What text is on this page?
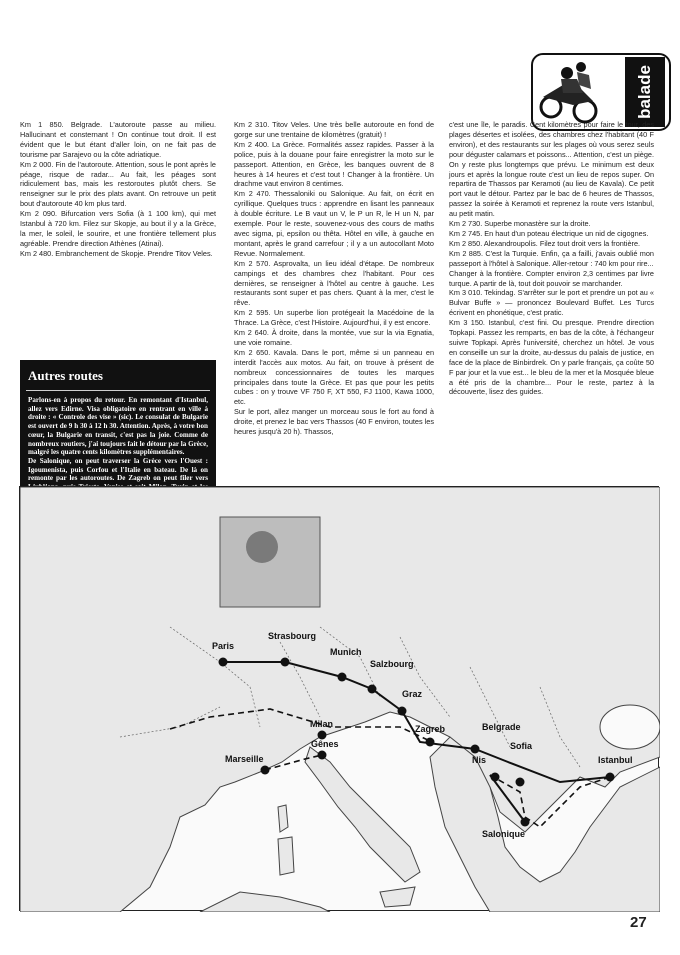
balade

Km 1 850. Belgrade. L'autoroute passe au milieu. Hallucinant et consternant ! On continue tout droit. Il est évident que le but étant d'aller loin, on ne fait pas de tourisme par Sarajevo ou la côte adriatique.

Km 2 000. Fin de l'autoroute. Attention, sous le pont après le péage, risque de radar... Au fait, les péages sont ridiculement bas, mais les restoroutes plutôt chers. Se renseigner sur le prix des plats avant. On retrouve un petit bout d'autoroute 40 km plus tard.

Km 2 090. Bifurcation vers Sofia (à 1 100 km), qui met Istanbul à 720 km. Filez sur Skopje, au bout il y a la Grèce, la mer, le soleil, le sourire, et une frontière tellement plus agréable. Prendre direction Athènes (Atinai).

Km 2 480. Embranchement de Skopje. Prendre Titov Veles.

Autres routes

Parlons-en à propos du retour. En remontant d'Istanbul, allez vers Edirne. Visa obligatoire en rentrant en ville à droite : « Controle des vise » (sic). Le consulat de Bulgarie est ouvert de 9 h 30 à 12 h 30. Attention. Après, à votre bon cœur, la Bulgarie en transit, c'est pas la joie. Comme de nombreux routiers, j'ai toujours fait le détour par la Grèce, malgré les quatre cents kilomètres supplémentaires.

De Salonique, on peut traverser la Grèce vers l'Ouest : Igoumenista, puis Corfou et l'Italie en bateau. De là on remonte par les autoroutes. De Zagreb on peut filer vers

Km 2 310. Titov Veles. Une très belle autoroute en fond de gorge sur une trentaine de kilomètres (gratuit) !

Km 2 400. La Grèce. Formalités assez rapides. Passer à la police, puis à la douane pour faire enregistrer la moto sur le passeport. Attention, en Grèce, les banques ouvrent de 8 heures à 14 heures et c'est tout ! Changer à la frontière. Un drachme vaut environ 8 centimes.

Km 2 470. Thessaloniki ou Salonique. Au fait, on écrit en cyrillique. Quelques trucs : apprendre en lisant les panneaux à double écriture. Le B vaut un V, le P un R, le H un N, par exemple. Pour le reste, souvenez-vous des cours de maths avec sigma, pi, epsilon ou thêta. Hôtel en ville, à gauche en montant, après le grand carrefour ; il y a un autocollant Moto Revue. Normalement.

Km 2 570. Asprovalta, un lieu idéal d'étape. De nombreux campings et des chambres chez l'habitant. Pour ces dernières, se renseigner à l'hôtel au centre à gauche. Les restaurants sont super et pas chers. Quant à la mer, c'est le rêve.

Km 2 595. Un superbe lion protégeait la Macédoine de la Thrace. La Grèce, c'est l'Histoire. Aujourd'hui, il y est encore.

Km 2 640. À droite, dans la montée, vue sur la via Egnatia, une voie romaine.

Km 2 650. Kavala. Dans le port, même si un panneau en interdit l'accès aux motos. Au fait, on trouve à présent de nombreux concessionnaires de toutes les marques principales dans toute la Grèce. Et pas que pour les petits cubes : on y trouve VF 750 F, XT 550, FJ 1100, Kawa 1000, etc.

Sur le port, allez manger un morceau sous le fort au fond à droite, et prenez le bac vers Thassos (40 F environ, toutes les heures jusqu'à 20 h). Thassos,

c'est une île, le paradis. Cent kilomètres pour faire le tour, des plages désertes et isolées, des chambres chez l'habitant (40 F environ), et des restaurants sur les plages où vous serez seuls pour déguster calamars et poissons... Attention, c'est un piège. On y reste plus longtemps que prévu. Le minimum est deux jours et après la longue route c'est un lieu de repos super. On repartira de Thassos par Keramoti (au lieu de Kavala). Ce petit port vaut le détour. Partez par le bac de 6 heures de Thassos, passez la soirée à Keramoti et reprenez la route vers Istanbul, au petit matin.

Km 2 730. Superbe monastère sur la droite.

Km 2 745. En haut d'un poteau électrique un nid de cigognes.

Km 2 850. Alexandroupolis. Filez tout droit vers la frontière.

Km 2 885. C'est la Turquie. Enfin, ça a failli, j'avais oublié mon passeport à l'hôtel à Salonique. Aller-retour : 740 km pour rire...

Changer à la frontière. Compter environ 2,3 centimes par livre turque. A partir de là, tout doit pouvoir se marchander.

Km 3 010. Tekindag. S'arrêter sur le port et prendre un pot au « Bulvar Buffe » — prononcez Boulevard Buffet. Les Turcs écrivent en phonétique, c'est pratic.

Km 3 150. Istanbul, c'est fini. Ou presque. Prendre direction Topkapi. Passez les remparts, en bas de la côte, à l'échangeur suivre Topkapi. Après l'université, cherchez un hôtel. Je vous en conseille un sur la droite, au-dessus du palais de justice, en face de la place de Binbirdrek. On y parle français, ça coûte 50 F par jour et la vue est... le bleu de la mer et la Mosquée bleue a été pris de la chambre... Pour le reste, partez à la découverte, lisez des guides.

Paris
Strasbourg
Munich
Salzbourg
Graz
Zagreb	Belgrade
Milan
Gênes
Marseille	Nis
Sofia
Istanbul
Salonique
27
